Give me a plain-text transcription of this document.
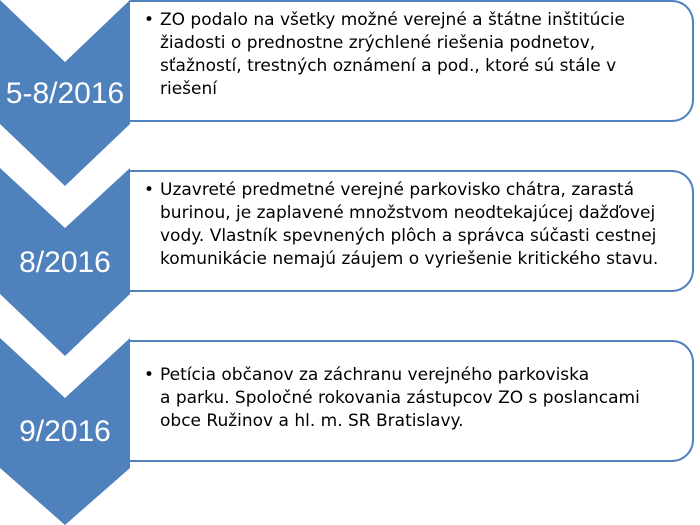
5-8/2016
• ZO podalo na všetky možné verejné a štátne inštitúcie
žiadosti o prednostne zrýchlené riešenia podnetov,
sťažností, trestných oznámení a pod., ktoré sú stále v
riešení
8/2016
• Uzavreté predmetné verejné parkovisko chátra, zarastá
burinou, je zaplavené množstvom neodtekajúcej dažďovej
vody. Vlastník spevnených plôch a správca súčasti cestnej
komunikácie nemajú záujem o vyriešenie kritického stavu.
9/2016
• Petícia občanov za záchranu verejného parkoviska
a parku. Spoločné rokovania zástupcov ZO s poslancami
obce Ružinov a hl. m. SR Bratislavy.
